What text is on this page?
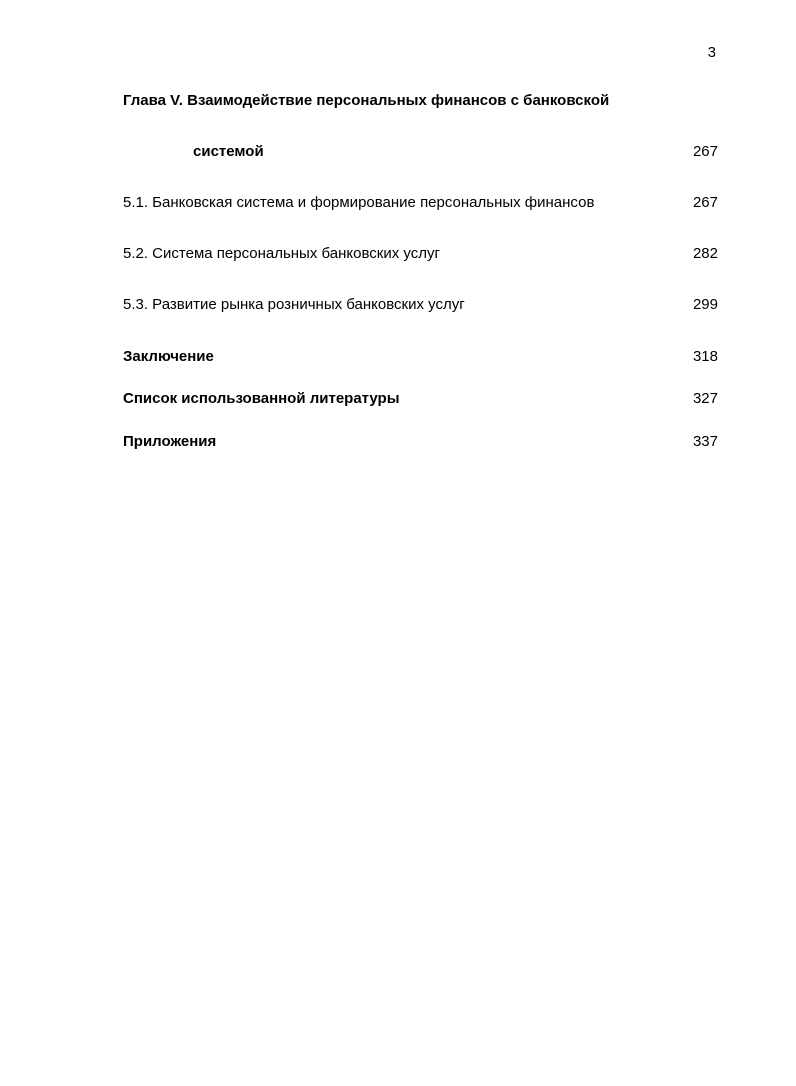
3
Глава V. Взаимодействие персональных финансов с банковской
системой	267
5.1. Банковская система и формирование персональных финансов	267
5.2. Система персональных банковских услуг	282
5.3. Развитие рынка розничных банковских услуг	299
Заключение	318
Список использованной литературы	327
Приложения	337
